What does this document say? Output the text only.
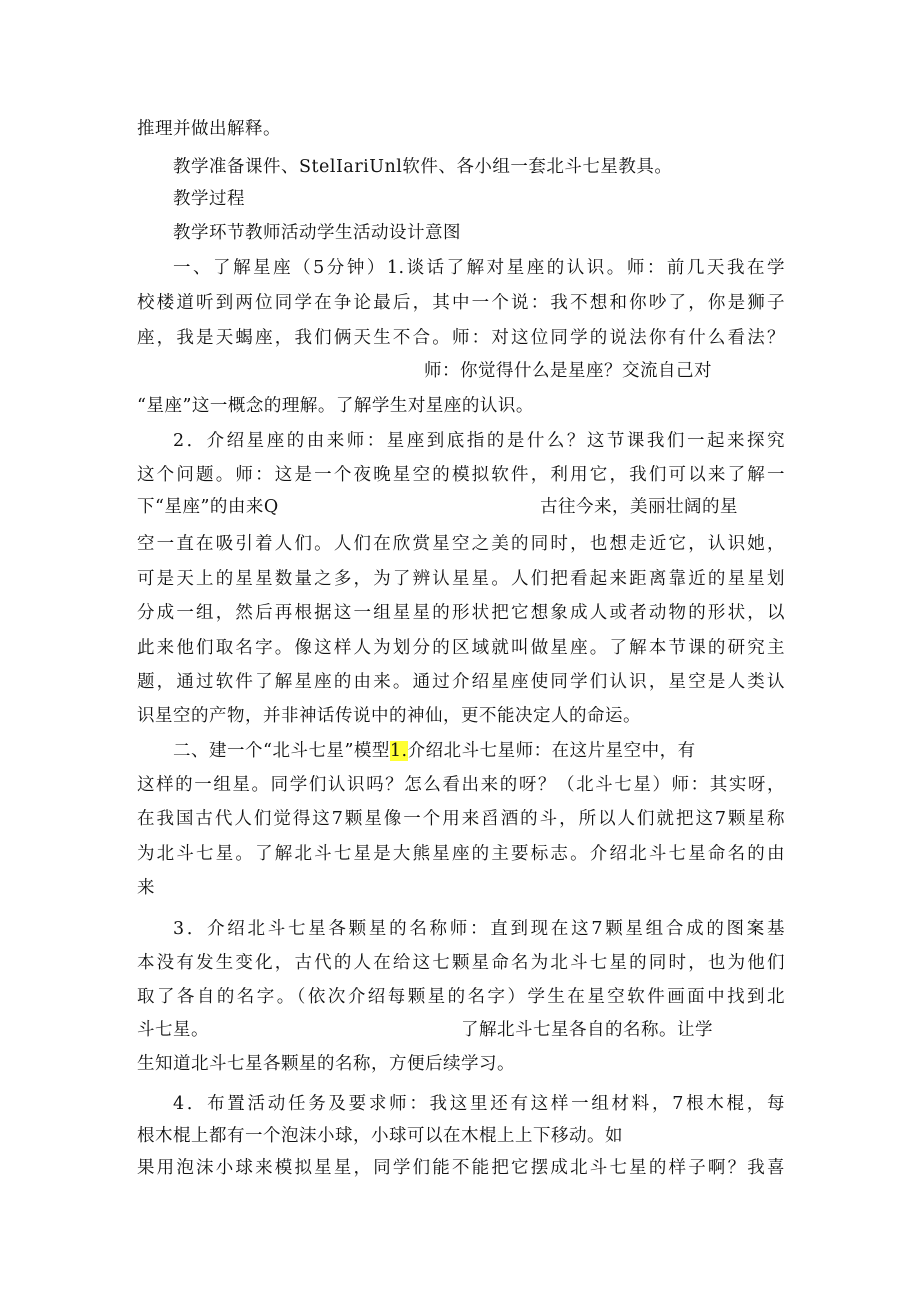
推理并做出解释。
教学准备课件、StelIariUnl软件、各小组一套北斗七星教具。
教学过程
教学环节教师活动学生活动设计意图
一、了解星座（5分钟）1.谈话了解对星座的认识。师：前几天我在学
校楼道听到两位同学在争论最后，其中一个说：我不想和你吵了，你是狮子
座，我是天蝎座，我们俩天生不合。师：对这位同学的说法你有什么看法？
师：你觉得什么是星座？交流自己对
“星座”这一概念的理解。了解学生对星座的认识。
2．介绍星座的由来师：星座到底指的是什么？这节课我们一起来探究
这个问题。师：这是一个夜晚星空的模拟软件，利用它，我们可以来了解一
下“星座”的由来Q	古往今来，美丽壮阔的星
空一直在吸引着人们。人们在欣赏星空之美的同时，也想走近它，认识她，
可是天上的星星数量之多，为了辨认星星。人们把看起来距离靠近的星星划
分成一组，然后再根据这一组星星的形状把它想象成人或者动物的形状，以
此来他们取名字。像这样人为划分的区域就叫做星座。了解本节课的研究主
题，通过软件了解星座的由来。通过介绍星座使同学们认识，星空是人类认
识星空的产物，并非神话传说中的神仙，更不能决定人的命运。
二、建一个“北斗七星”模型1.介绍北斗七星师：在这片星空中，有
这样的一组星。同学们认识吗？怎么看出来的呀？（北斗七星）师：其实呀，
在我国古代人们觉得这7颗星像一个用来舀酒的斗，所以人们就把这7颗星称
为北斗七星。了解北斗七星是大熊星座的主要标志。介绍北斗七星命名的由
来
3．介绍北斗七星各颗星的名称师：直到现在这7颗星组合成的图案基
本没有发生变化，古代的人在给这七颗星命名为北斗七星的同时，也为他们
取了各自的名字。（依次介绍每颗星的名字）学生在星空软件画面中找到北
斗七星。	了解北斗七星各自的名称。让学
生知道北斗七星各颗星的名称，方便后续学习。
4．布置活动任务及要求师：我这里还有这样一组材料，7根木棍，每
根木棍上都有一个泡沫小球，小球可以在木棍上上下移动。如
果用泡沫小球来模拟星星，同学们能不能把它摆成北斗七星的样子啊？我喜
